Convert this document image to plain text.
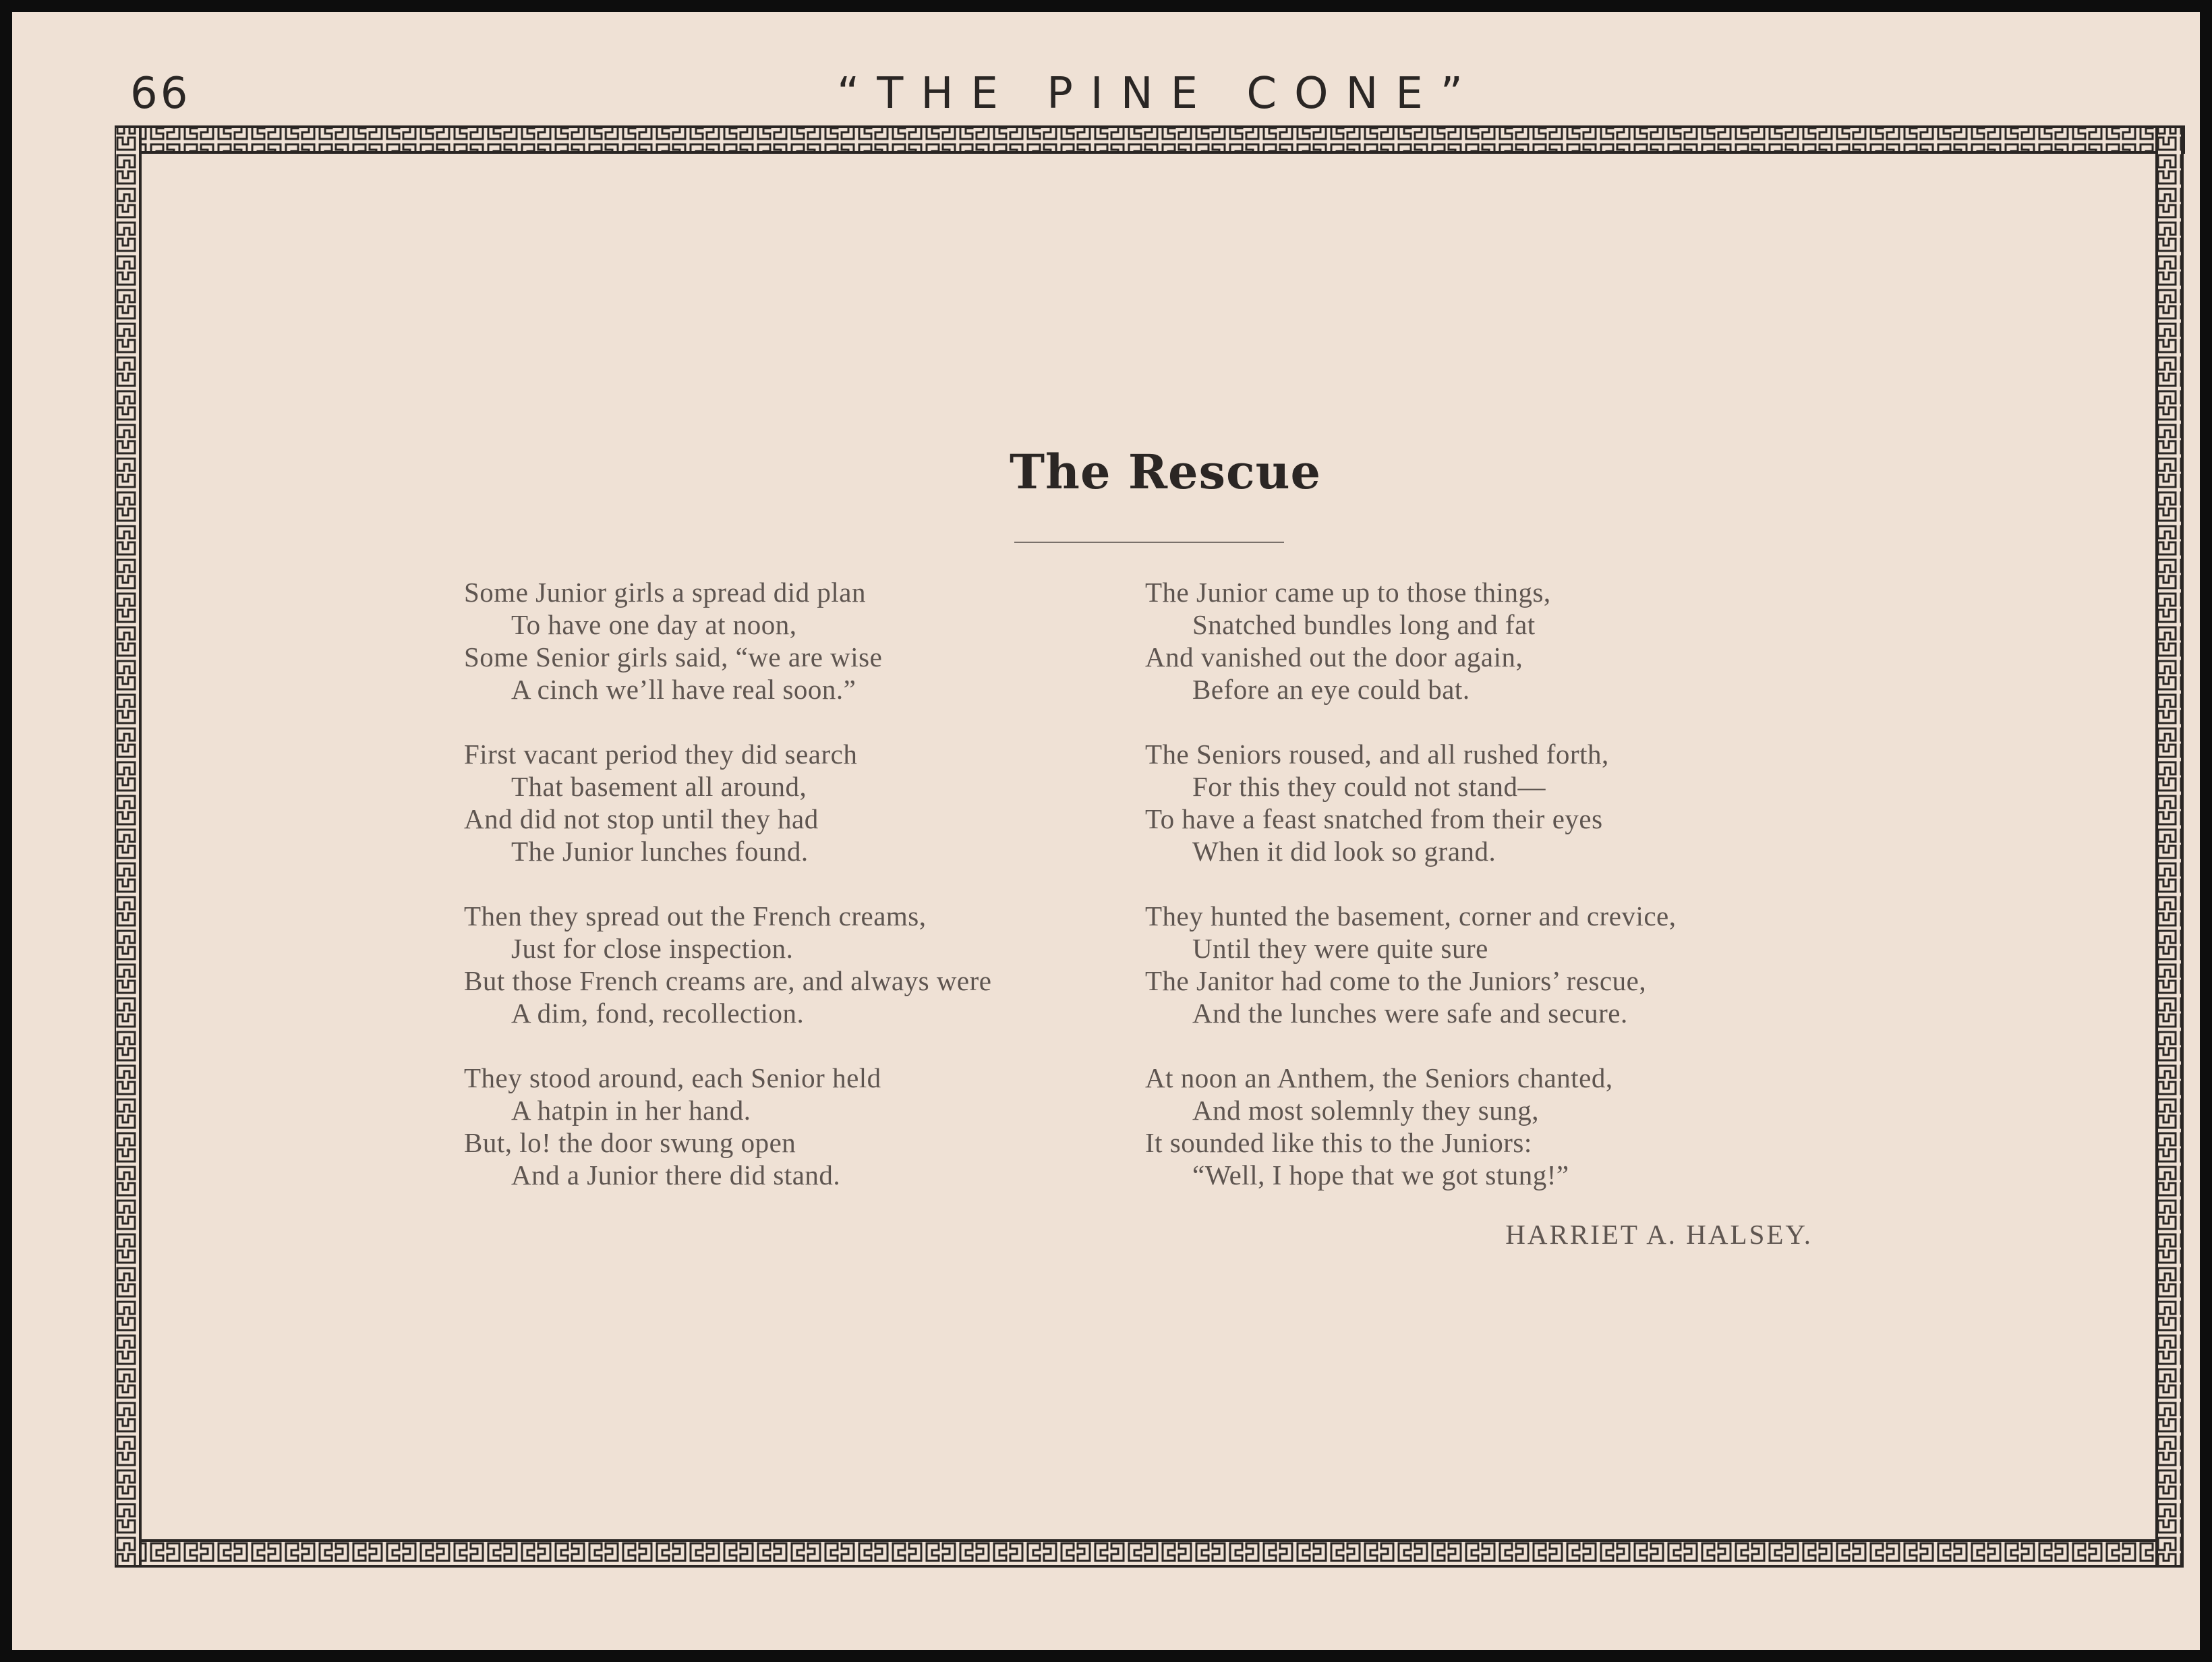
66	“THE PINE CONE”
The Rescue
Some Junior girls a spread did plan
To have one day at noon,
Some Senior girls said, “we are wise
A cinch we’ll have real soon.”
First vacant period they did search
That basement all around,
And did not stop until they had
The Junior lunches found.
Then they spread out the French creams,
Just for close inspection.
But those French creams are, and always were
A dim, fond, recollection.
They stood around, each Senior held
A hatpin in her hand.
But, lo! the door swung open
And a Junior there did stand.
The Junior came up to those things,
Snatched bundles long and fat
And vanished out the door again,
Before an eye could bat.
The Seniors roused, and all rushed forth,
For this they could not stand—
To have a feast snatched from their eyes
When it did look so grand.
They hunted the basement, corner and crevice,
Until they were quite sure
The Janitor had come to the Juniors’ rescue,
And the lunches were safe and secure.
At noon an Anthem, the Seniors chanted,
And most solemnly they sung,
It sounded like this to the Juniors:
“Well, I hope that we got stung!”
HARRIET A. HALSEY.
